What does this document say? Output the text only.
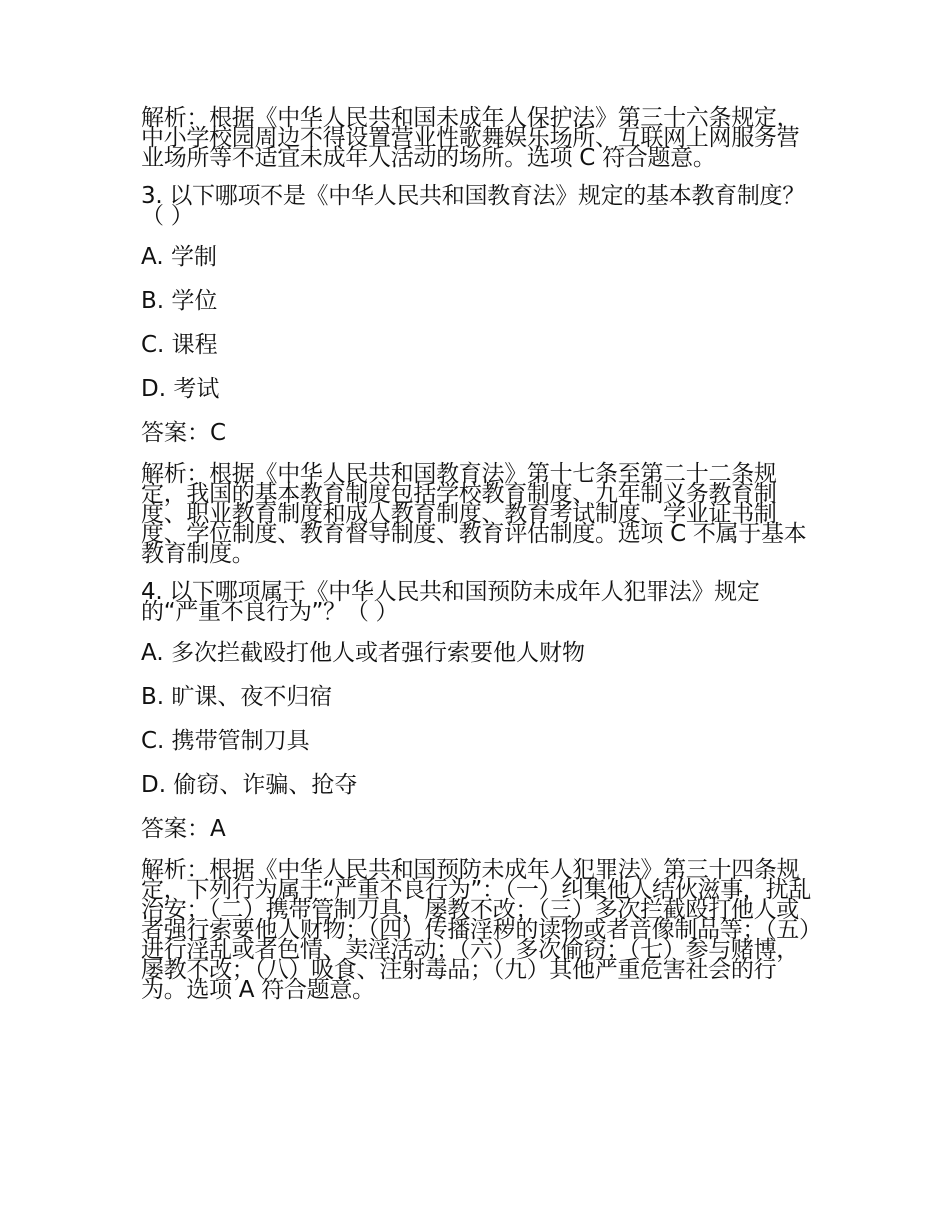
解析：根据《中华人民共和国未成年人保护法》第三十六条规定，中小学校园周边不得设置营业性歌舞娱乐场所、互联网上网服务营业场所等不适宜未成年人活动的场所。选项 C 符合题意。

3. 以下哪项不是《中华人民共和国教育法》规定的基本教育制度？（ ）

A. 学制
B. 学位
C. 课程
D. 考试
答案：C

解析：根据《中华人民共和国教育法》第十七条至第二十二条规定，我国的基本教育制度包括学校教育制度、九年制义务教育制度、职业教育制度和成人教育制度、教育考试制度、学业证书制度、学位制度、教育督导制度、教育评估制度。选项 C 不属于基本教育制度。

4. 以下哪项属于《中华人民共和国预防未成年人犯罪法》规定的“严重不良行为”？（ ）

A. 多次拦截殴打他人或者强行索要他人财物
B. 旷课、夜不归宿
C. 携带管制刀具
D. 偷窃、诈骗、抢夺
答案：A

解析：根据《中华人民共和国预防未成年人犯罪法》第三十四条规定，下列行为属于“严重不良行为”：（一）纠集他人结伙滋事，扰乱治安；（二）携带管制刀具，屡教不改；（三）多次拦截殴打他人或者强行索要他人财物；（四）传播淫秽的读物或者音像制品等；（五）进行淫乱或者色情、卖淫活动；（六）多次偷窃；（七）参与赌博，屡教不改；（八）吸食、注射毒品；（九）其他严重危害社会的行为。选项 A 符合题意。
